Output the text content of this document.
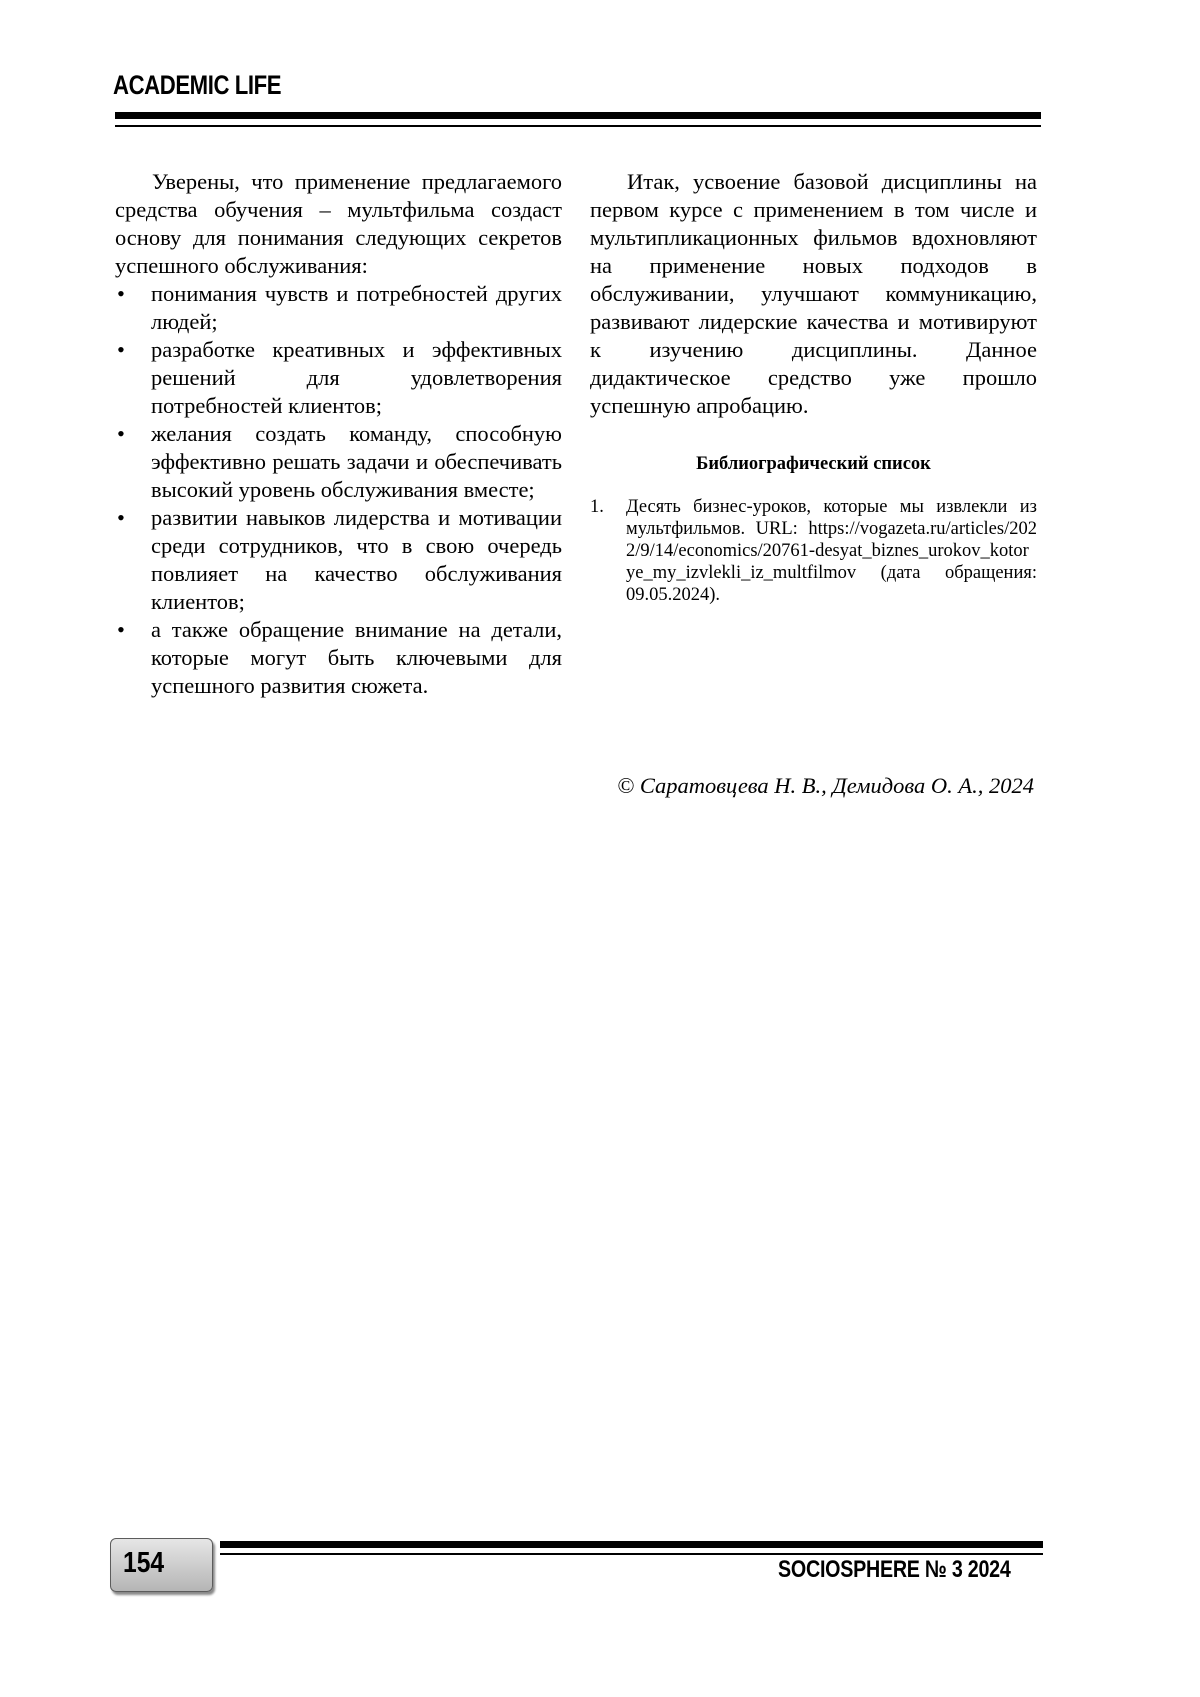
ACADEMIC LIFE

Уверены, что применение предлагаемого средства обучения – мультфильма создаст основу для понимания следующих секретов успешного обслуживания:

• понимания чувств и потребностей других людей;
• разработке креативных и эффективных решений для удовлетворения потребностей клиентов;
• желания создать команду, способную эффективно решать задачи и обеспечивать высокий уровень обслуживания вместе;
• развитии навыков лидерства и мотивации среди сотрудников, что в свою очередь повлияет на качество обслуживания клиентов;
• а также обращение внимание на детали, которые могут быть ключевыми для успешного развития сюжета.

Итак, усвоение базовой дисциплины на первом курсе с применением в том числе и мультипликационных фильмов вдохновляют на применение новых подходов в обслуживании, улучшают коммуникацию, развивают лидерские качества и мотивируют к изучению дисциплины. Данное дидактическое средство уже прошло успешную апробацию.

Библиографический список
1. Десять бизнес-уроков, которые мы извлекли из мультфильмов. URL: https://vogazeta.ru/articles/2022/9/14/economics/20761-desyat_biznes_urokov_kotorye_my_izvlekli_iz_multfilmov (дата обращения: 09.05.2024).
© Саратовцева Н. В., Демидова О. А., 2024
154	SOCIOSPHERE № 3 2024
